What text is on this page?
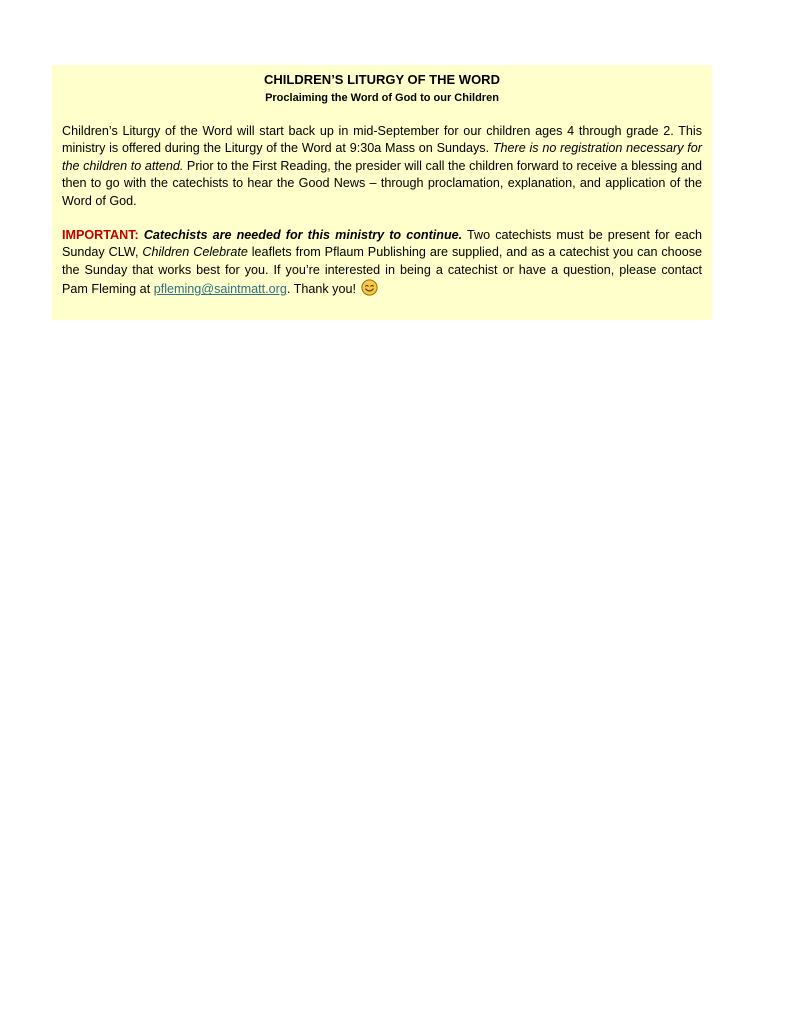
CHILDREN’S LITURGY OF THE WORD

Proclaiming the Word of God to our Children

Children’s Liturgy of the Word will start back up in mid-September for our children ages 4 through grade 2. This ministry is offered during the Liturgy of the Word at 9:30a Mass on Sundays. There is no registration necessary for the children to attend. Prior to the First Reading, the presider will call the children forward to receive a blessing and then to go with the catechists to hear the Good News – through proclamation, explanation, and application of the Word of God.

IMPORTANT: Catechists are needed for this ministry to continue. Two catechists must be present for each Sunday CLW, Children Celebrate leaflets from Pflaum Publishing are supplied, and as a catechist you can choose the Sunday that works best for you. If you’re interested in being a catechist or have a question, please contact Pam Fleming at pfleming@saintmatt.org. Thank you!
